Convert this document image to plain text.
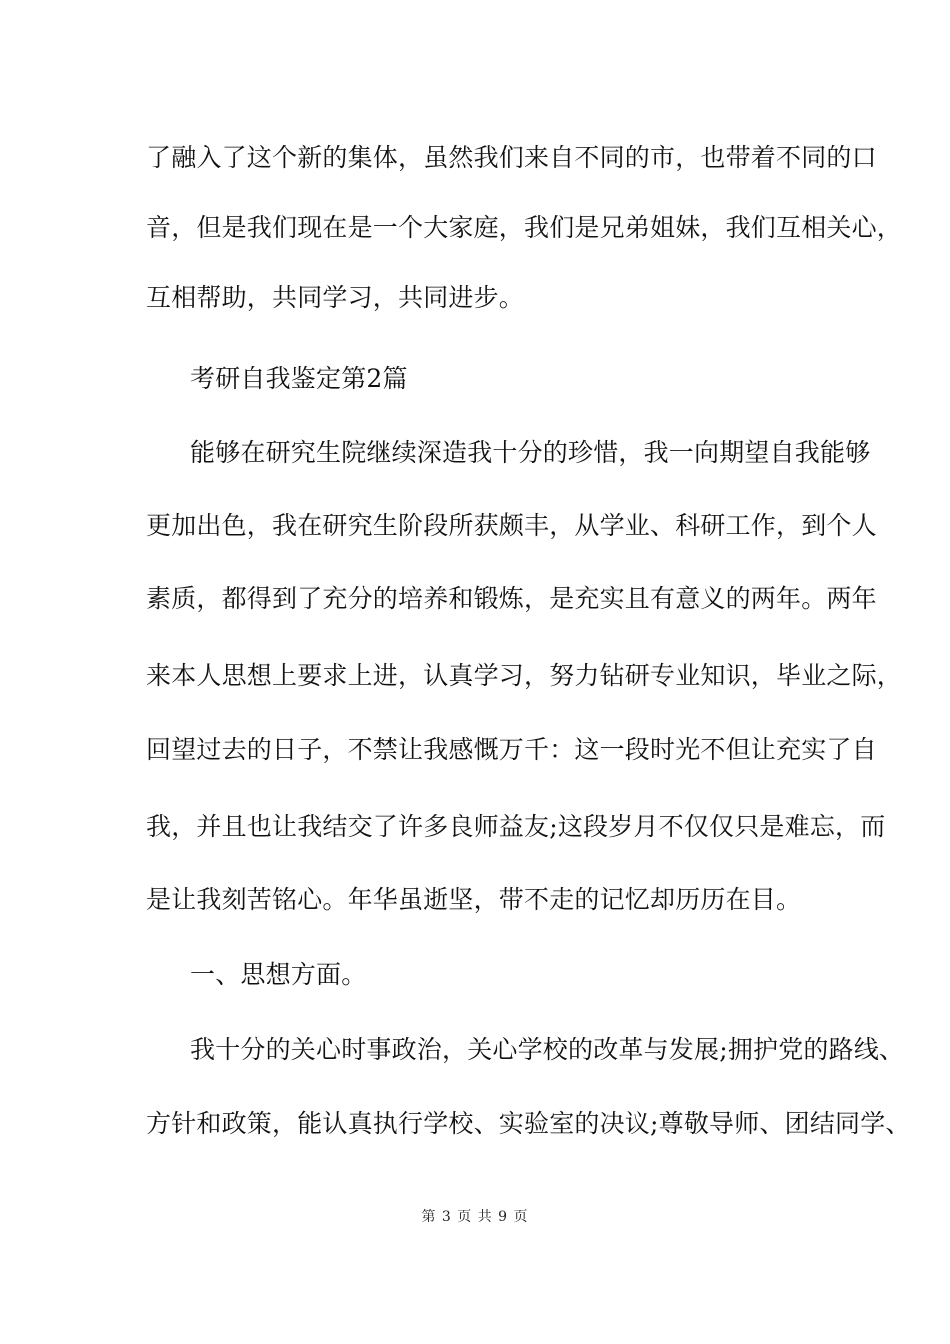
了融入了这个新的集体，虽然我们来自不同的市，也带着不同的口
音，但是我们现在是一个大家庭，我们是兄弟姐妹，我们互相关心，
互相帮助，共同学习，共同进步。
考研自我鉴定第2篇
能够在研究生院继续深造我十分的珍惜，我一向期望自我能够
更加出色，我在研究生阶段所获颇丰，从学业、科研工作，到个人
素质，都得到了充分的培养和锻炼，是充实且有意义的两年。两年
来本人思想上要求上进，认真学习，努力钻研专业知识，毕业之际，
回望过去的日子，不禁让我感慨万千：这一段时光不但让充实了自
我，并且也让我结交了许多良师益友;这段岁月不仅仅只是难忘，而
是让我刻苦铭心。年华虽逝坚，带不走的记忆却历历在目。
一、思想方面。
我十分的关心时事政治，关心学校的改革与发展;拥护党的路线、
方针和政策，能认真执行学校、实验室的决议;尊敬导师、团结同学、
第 3 页 共 9 页
